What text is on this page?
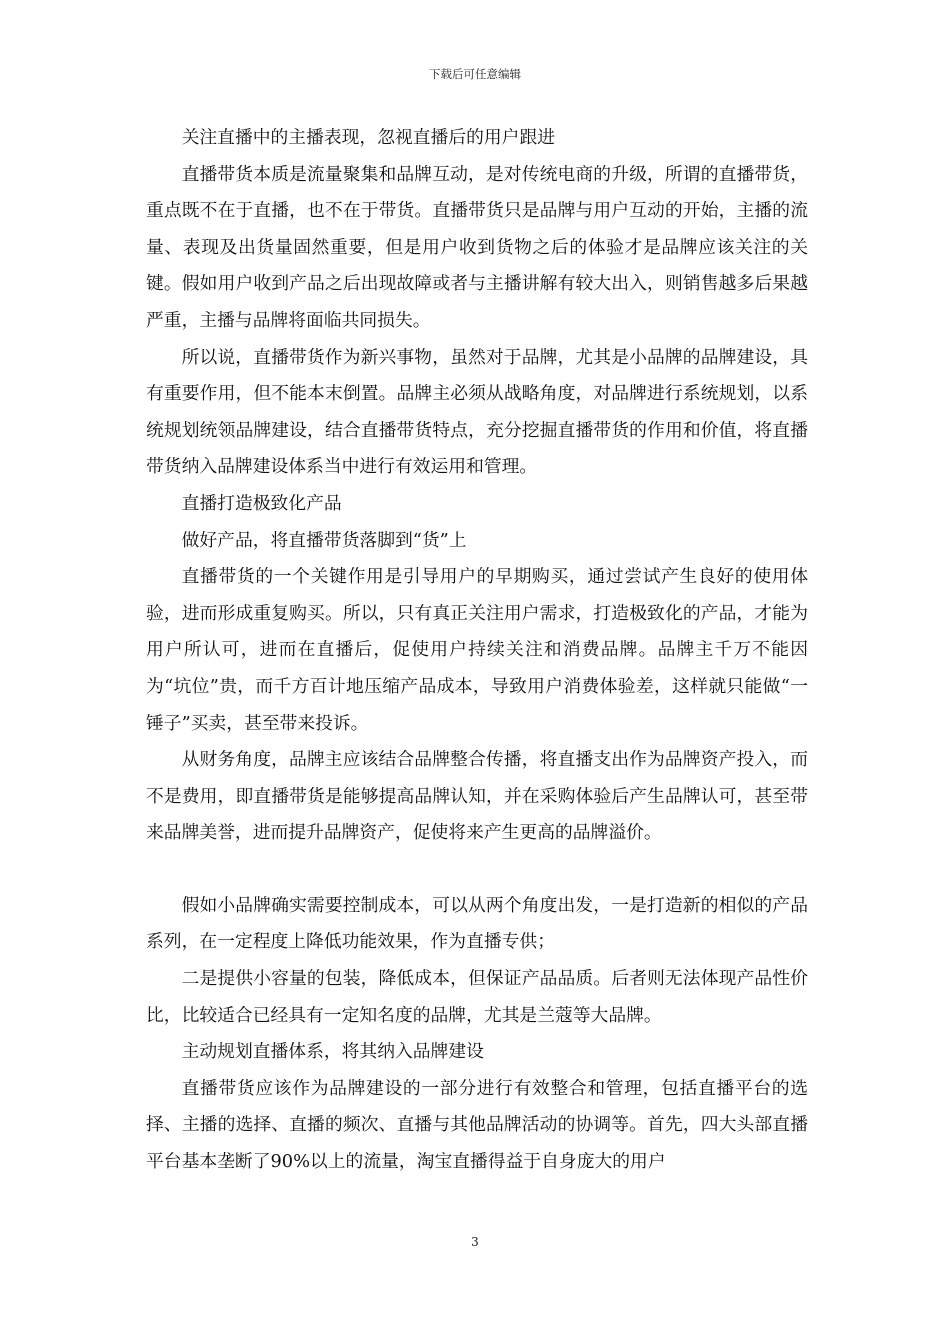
下载后可任意编辑

关注直播中的主播表现，忽视直播后的用户跟进

直播带货本质是流量聚集和品牌互动，是对传统电商的升级，所谓的直播带货，重点既不在于直播，也不在于带货。直播带货只是品牌与用户互动的开始，主播的流量、表现及出货量固然重要，但是用户收到货物之后的体验才是品牌应该关注的关键。假如用户收到产品之后出现故障或者与主播讲解有较大出入，则销售越多后果越严重，主播与品牌将面临共同损失。

所以说，直播带货作为新兴事物，虽然对于品牌，尤其是小品牌的品牌建设，具有重要作用，但不能本末倒置。品牌主必须从战略角度，对品牌进行系统规划，以系统规划统领品牌建设，结合直播带货特点，充分挖掘直播带货的作用和价值，将直播带货纳入品牌建设体系当中进行有效运用和管理。

直播打造极致化产品

做好产品，将直播带货落脚到“货”上

直播带货的一个关键作用是引导用户的早期购买，通过尝试产生良好的使用体验，进而形成重复购买。所以，只有真正关注用户需求，打造极致化的产品，才能为用户所认可，进而在直播后，促使用户持续关注和消费品牌。品牌主千万不能因为“坑位”贵，而千方百计地压缩产品成本，导致用户消费体验差，这样就只能做“一锤子”买卖，甚至带来投诉。

从财务角度，品牌主应该结合品牌整合传播，将直播支出作为品牌资产投入，而不是费用，即直播带货是能够提高品牌认知，并在采购体验后产生品牌认可，甚至带来品牌美誉，进而提升品牌资产，促使将来产生更高的品牌溢价。

假如小品牌确实需要控制成本，可以从两个角度出发，一是打造新的相似的产品系列，在一定程度上降低功能效果，作为直播专供；

二是提供小容量的包装，降低成本，但保证产品品质。后者则无法体现产品性价比，比较适合已经具有一定知名度的品牌，尤其是兰蔻等大品牌。

主动规划直播体系，将其纳入品牌建设

直播带货应该作为品牌建设的一部分进行有效整合和管理，包括直播平台的选择、主播的选择、直播的频次、直播与其他品牌活动的协调等。首先，四大头部直播平台基本垄断了90%以上的流量，淘宝直播得益于自身庞大的用户

3
